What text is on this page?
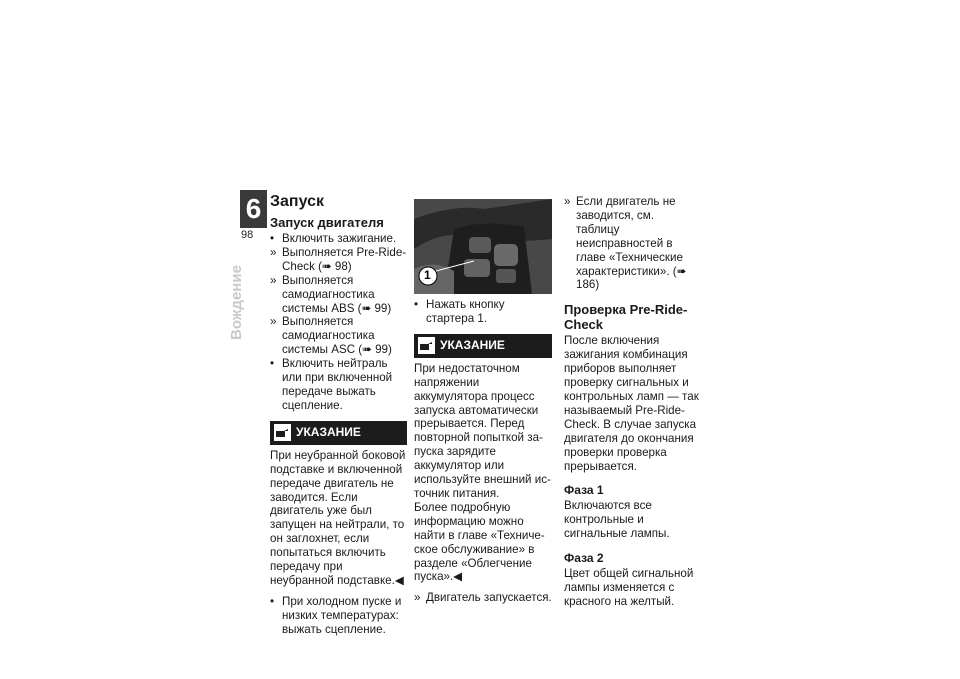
6
98
Вождение
Запуск
Запуск двигателя
• Включить зажигание.
» Выполняется Pre-Ride-Check (➠ 98)
» Выполняется самодиагностика системы ABS (➠ 99)
» Выполняется самодиагностика системы ASC (➠ 99)
• Включить нейтраль или при включенной передаче выжать сцепление.
УКАЗАНИЕ

При неубранной боковой подставке и включенной передаче двигатель не заводится. Если двигатель уже был запущен на нейтрали, то он заглохнет, если попытаться включить передачу при неубранной подставке.◀

• При холодном пуске и низких температурах: выжать сцепление.
1
• Нажать кнопку стартера 1.
УКАЗАНИЕ

При недостаточном напряжении аккумулятора процесс запуска автоматически прерывается. Перед повторной попыткой запуска зарядите аккумулятор или используйте внешний источник питания.

Более подробную информацию можно найти в главе «Техническое обслуживание» в разделе «Облегчение пуска».◀

» Двигатель запускается.
» Если двигатель не заводится, см. таблицу неисправностей в главе «Технические характеристики». (➠ 186)
Проверка Pre-Ride-Check

После включения зажигания комбинация приборов выполняет проверку сигнальных и контрольных ламп — так называемый Pre-Ride-Check. В случае запуска двигателя до окончания проверки проверка прерывается.

Фаза 1

Включаются все контрольные и сигнальные лампы.

Фаза 2

Цвет общей сигнальной лампы изменяется с красного на желтый.
